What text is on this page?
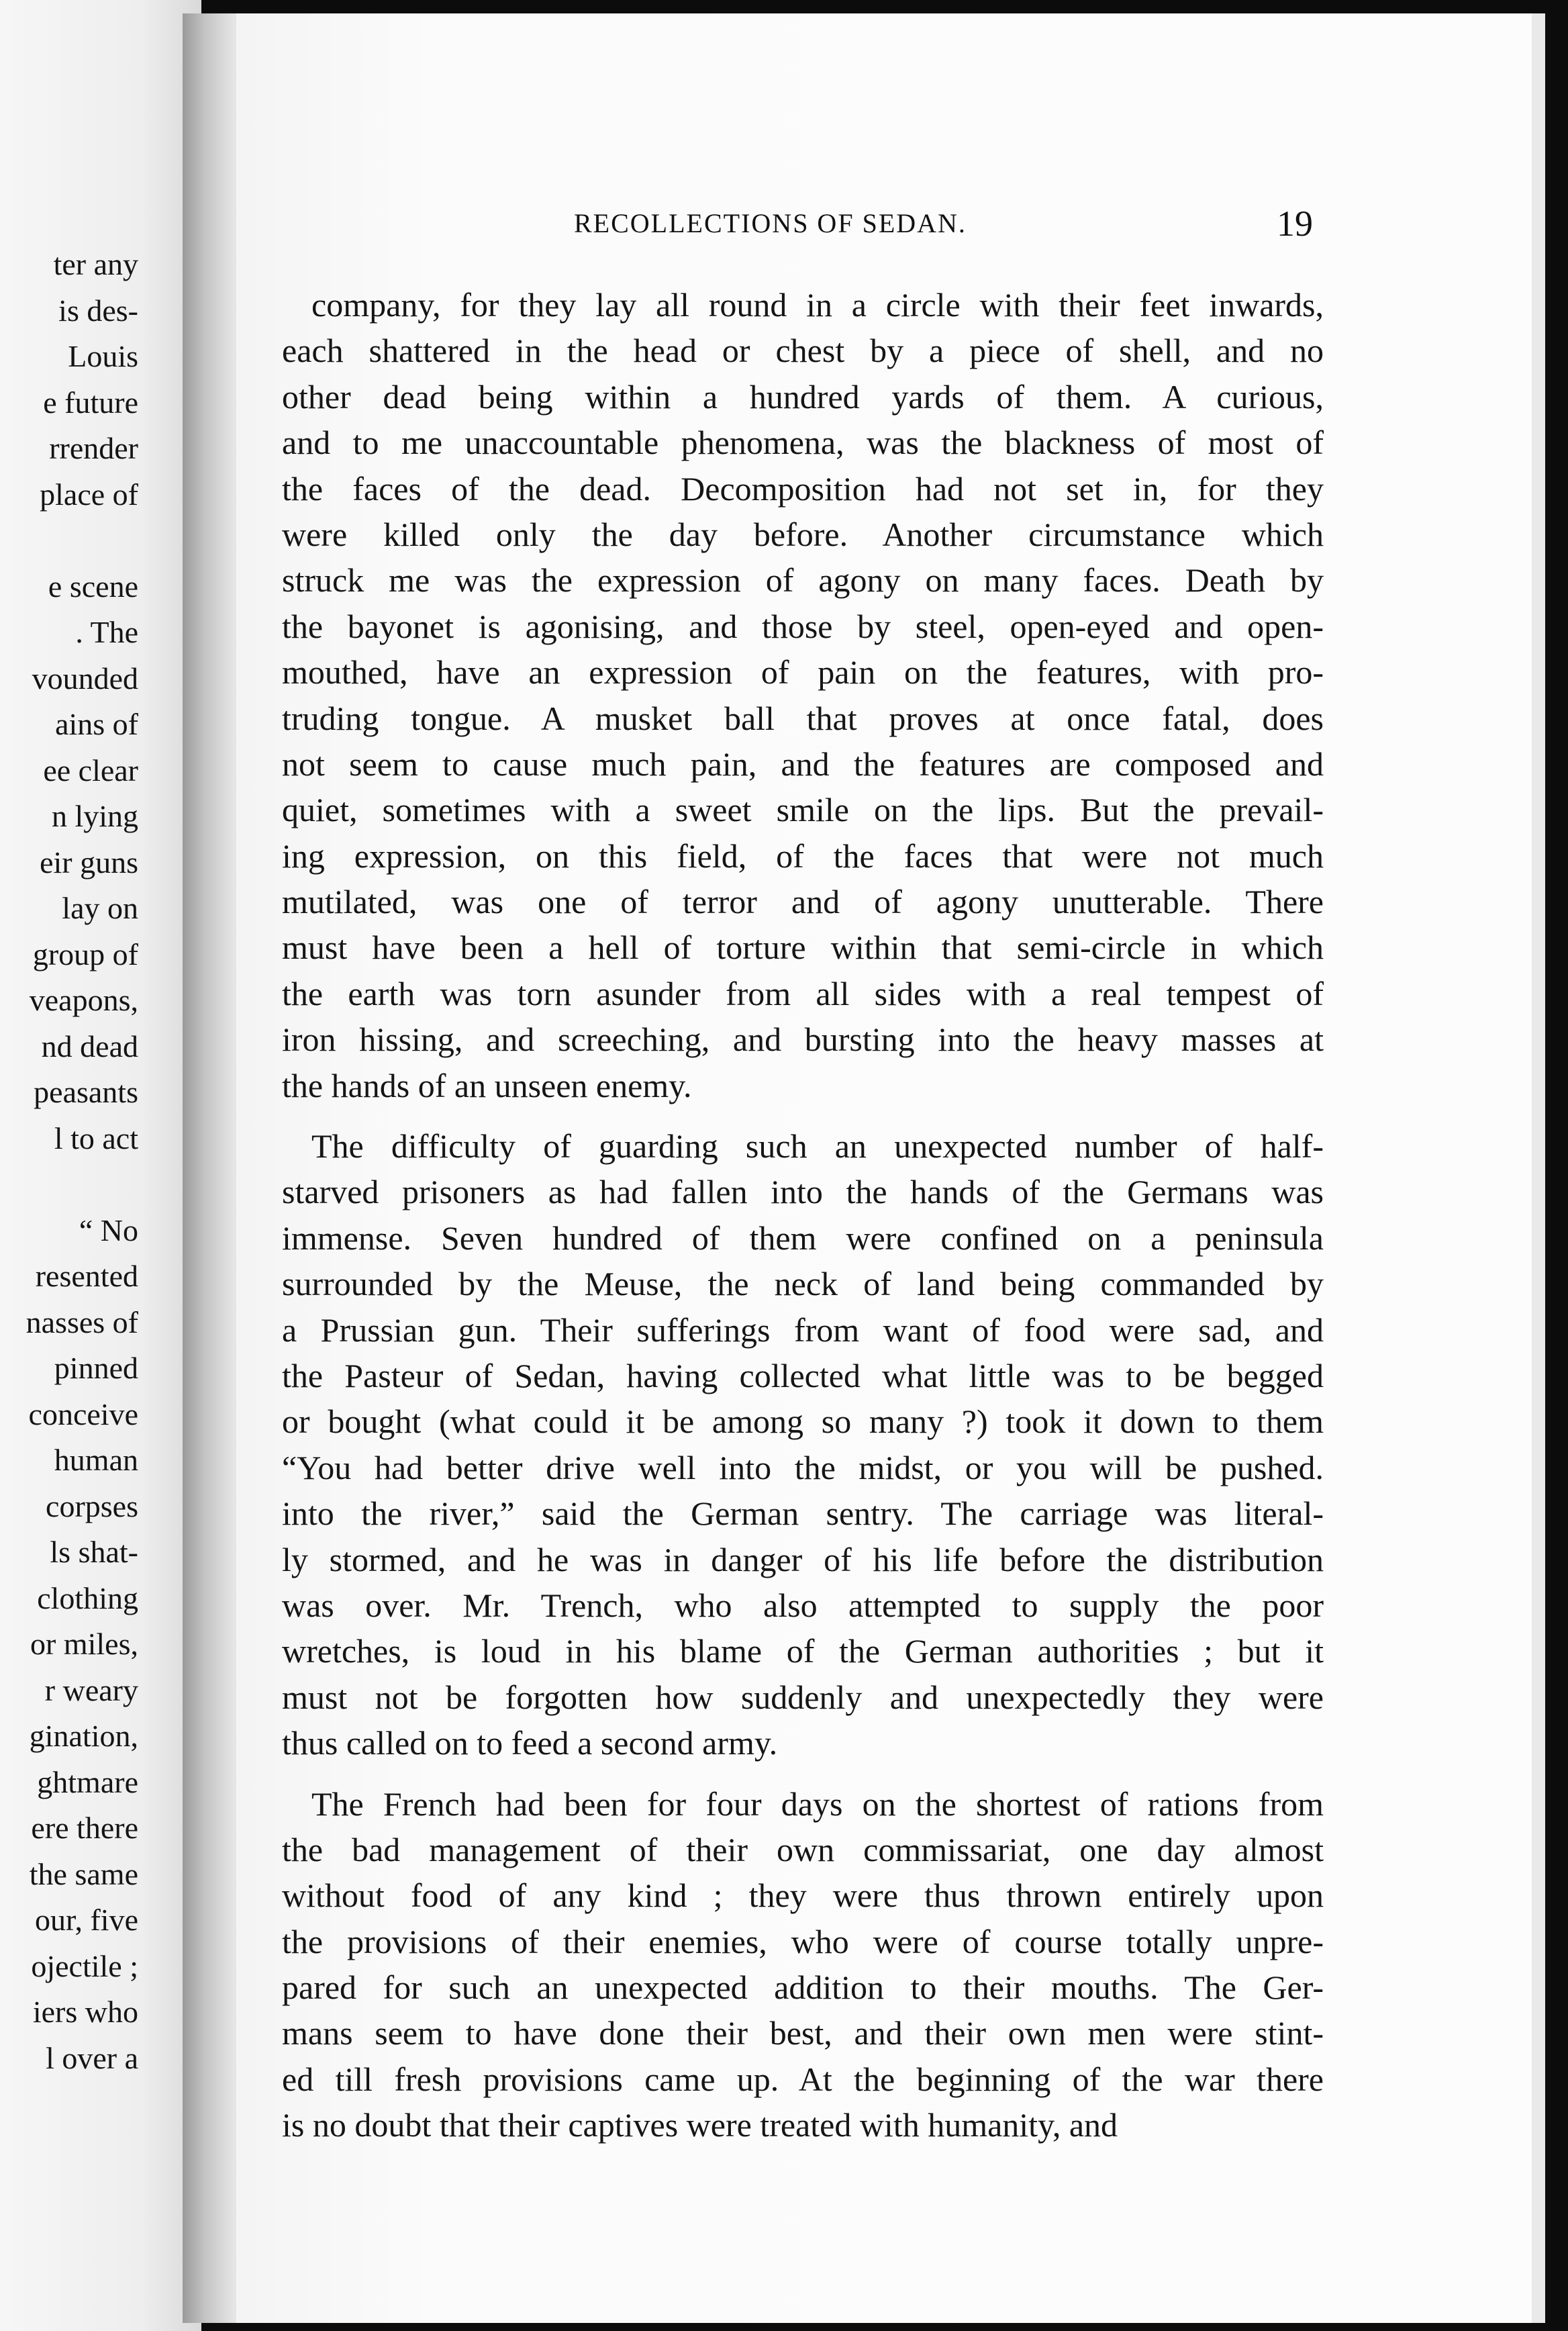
ter any
is des-
Louis
e future
rrender
place of
e scene
. The
vounded
ains of
ee clear
n lying
eir guns
lay on
group of
veapons,
nd dead
peasants
l to act
“ No
resented
nasses of
pinned
conceive
human
corpses
ls shat-
clothing
or miles,
r weary
gination,
ghtmare
ere there
the same
our, five
ojectile ;
iers who
l over a
RECOLLECTIONS OF SEDAN.	19
company, for they lay all round in a circle with their feet inwards,
each shattered in the head or chest by a piece of shell, and no
other dead being within a hundred yards of them. A curious,
and to me unaccountable phenomena, was the blackness of most of
the faces of the dead. Decomposition had not set in, for they
were killed only the day before. Another circumstance which
struck me was the expression of agony on many faces. Death by
the bayonet is agonising, and those by steel, open-eyed and open-
mouthed, have an expression of pain on the features, with pro-
truding tongue. A musket ball that proves at once fatal, does
not seem to cause much pain, and the features are composed and
quiet, sometimes with a sweet smile on the lips. But the prevail-
ing expression, on this field, of the faces that were not much
mutilated, was one of terror and of agony unutterable. There
must have been a hell of torture within that semi-circle in which
the earth was torn asunder from all sides with a real tempest of
iron hissing, and screeching, and bursting into the heavy masses at
the hands of an unseen enemy.
The difficulty of guarding such an unexpected number of half-
starved prisoners as had fallen into the hands of the Germans was
immense. Seven hundred of them were confined on a peninsula
surrounded by the Meuse, the neck of land being commanded by
a Prussian gun. Their sufferings from want of food were sad, and
the Pasteur of Sedan, having collected what little was to be begged
or bought (what could it be among so many ?) took it down to them
“You had better drive well into the midst, or you will be pushed.
into the river,” said the German sentry. The carriage was literal-
ly stormed, and he was in danger of his life before the distribution
was over. Mr. Trench, who also attempted to supply the poor
wretches, is loud in his blame of the German authorities ; but it
must not be forgotten how suddenly and unexpectedly they were
thus called on to feed a second army.
The French had been for four days on the shortest of rations from
the bad management of their own commissariat, one day almost
without food of any kind ; they were thus thrown entirely upon
the provisions of their enemies, who were of course totally unpre-
pared for such an unexpected addition to their mouths. The Ger-
mans seem to have done their best, and their own men were stint-
ed till fresh provisions came up. At the beginning of the war there
is no doubt that their captives were treated with humanity, and
